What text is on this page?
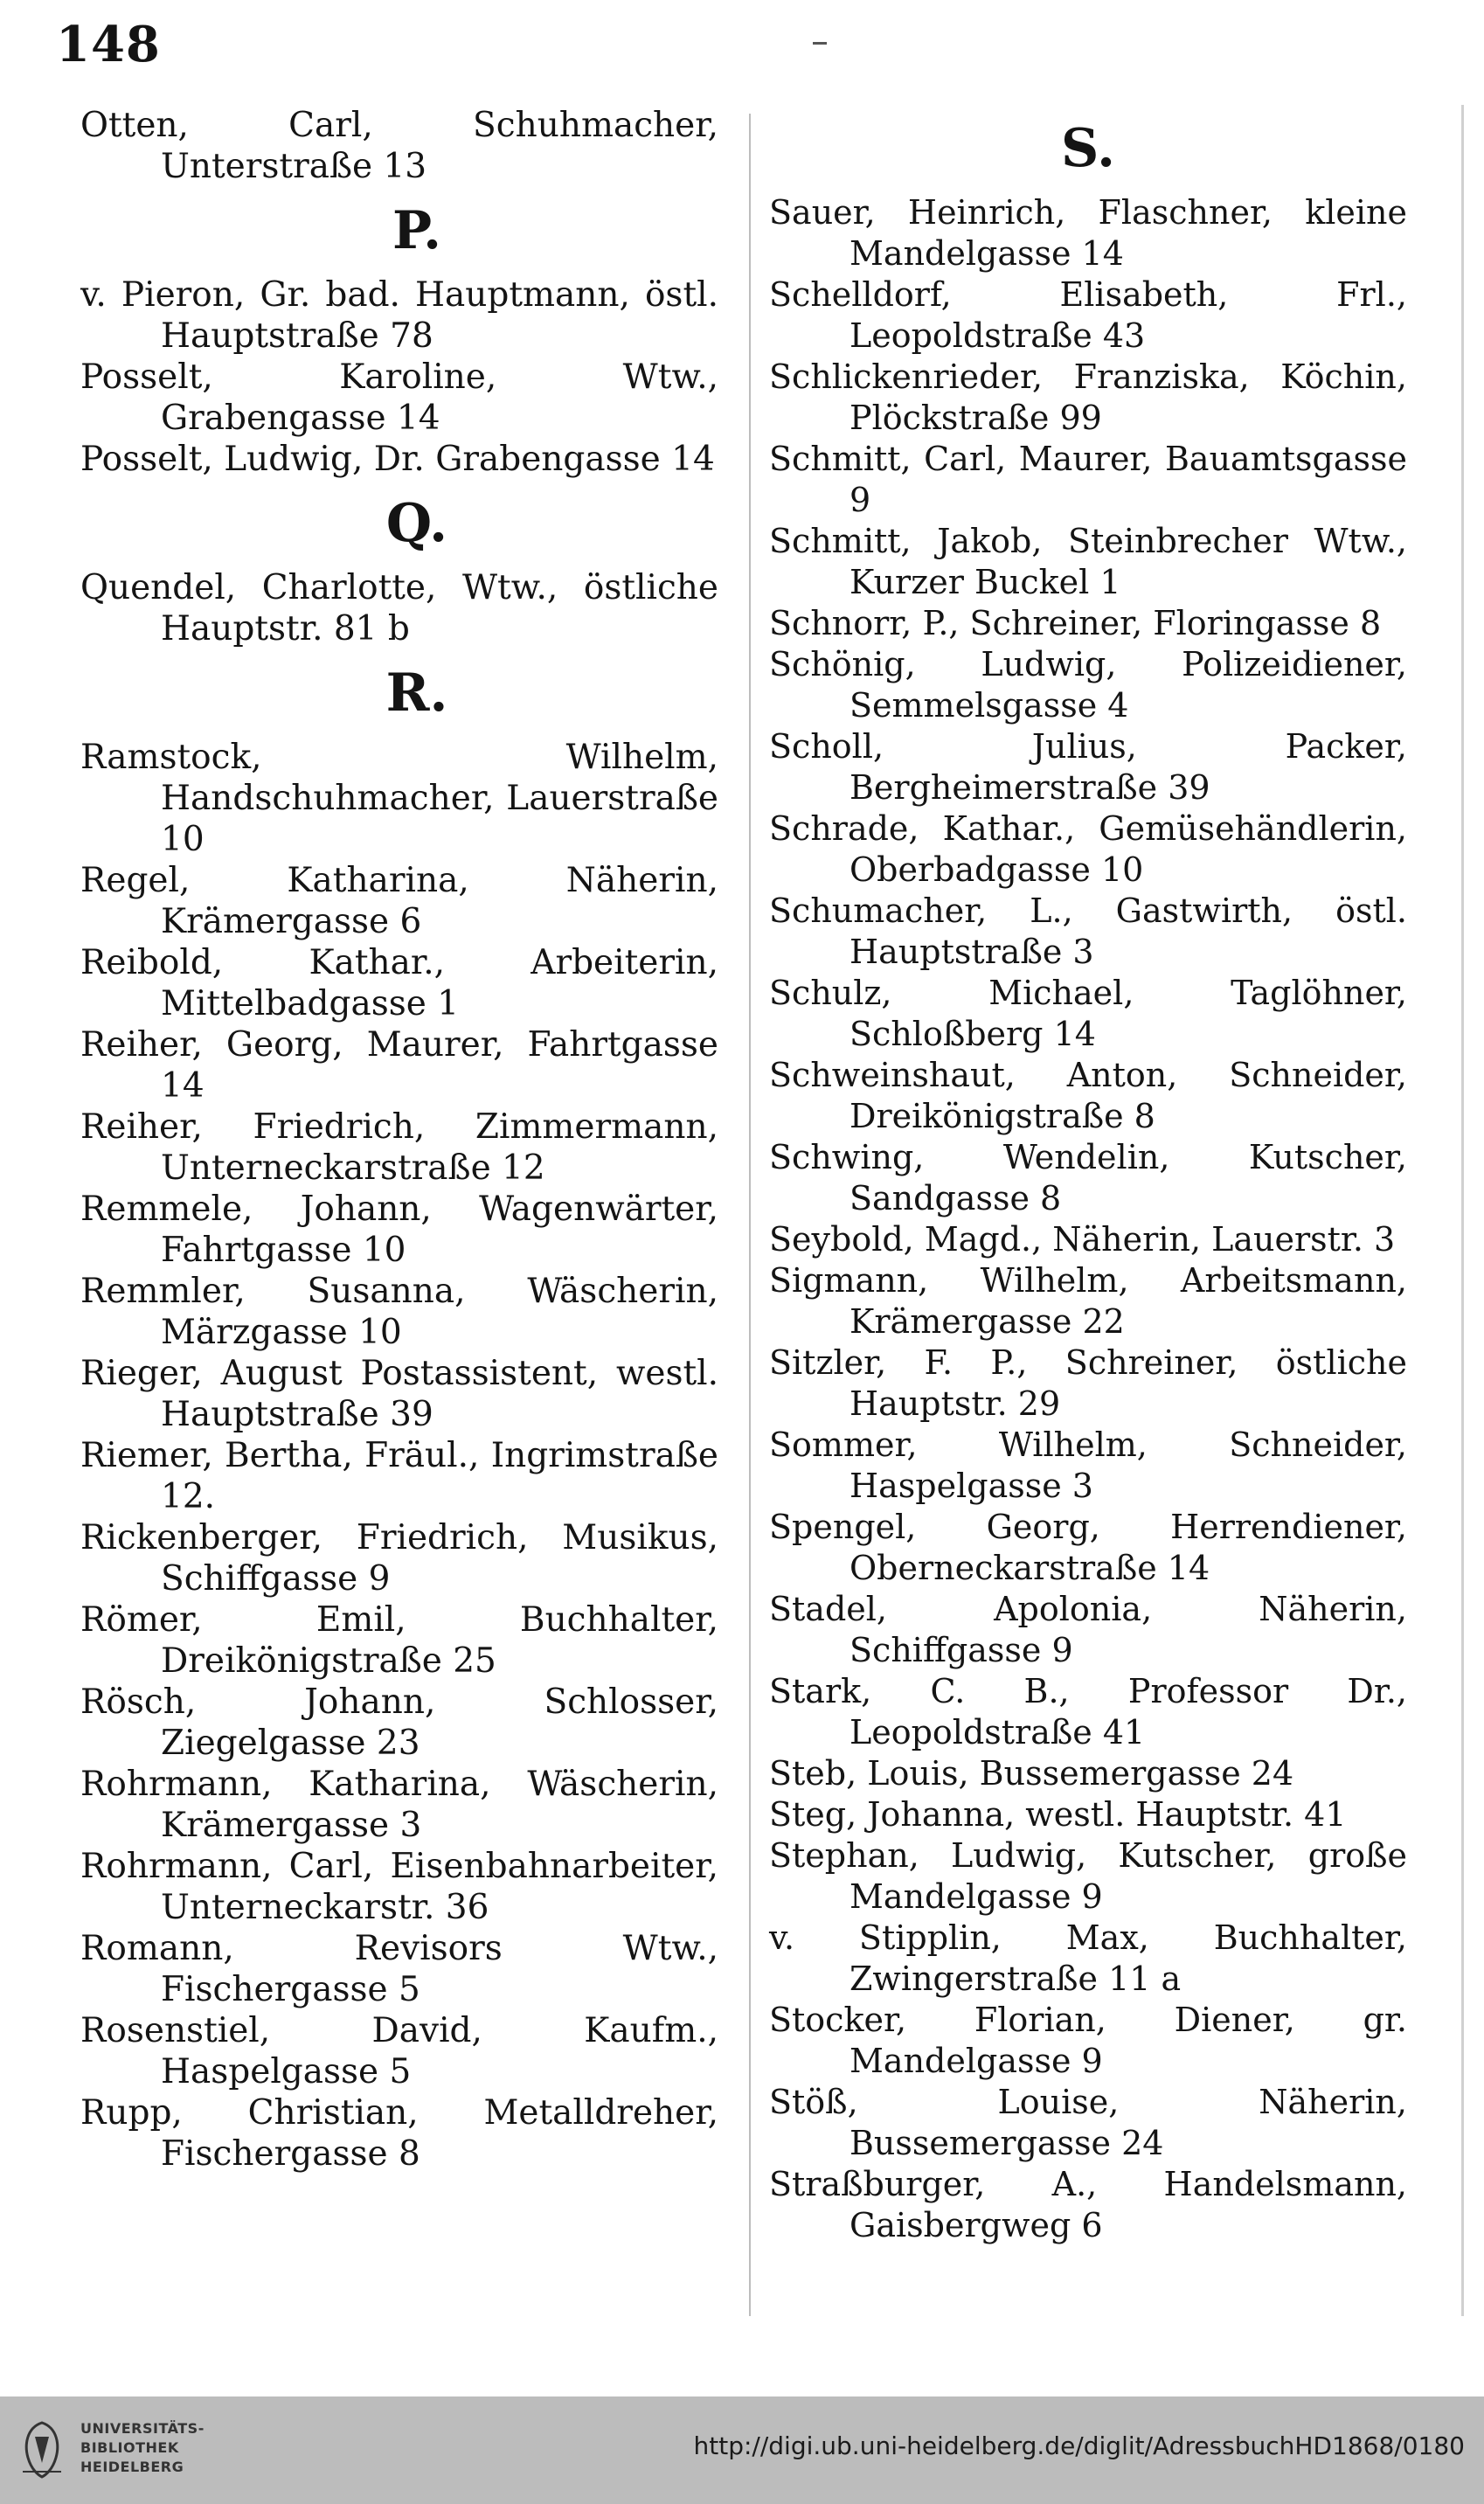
148
Otten, Carl, Schuhmacher, Unterstraße 13
P.
v. Pieron, Gr. bad. Hauptmann, östl. Hauptstraße 78
Posselt, Karoline, Wtw., Grabengasse 14
Posselt, Ludwig, Dr. Grabengasse 14
Q.
Quendel, Charlotte, Wtw., östliche Hauptstr. 81 b
R.
Ramstock, Wilhelm, Handschuhmacher, Lauerstraße 10
Regel, Katharina, Näherin, Krämergasse 6
Reibold, Kathar., Arbeiterin, Mittelbadgasse 1
Reiher, Georg, Maurer, Fahrtgasse 14
Reiher, Friedrich, Zimmermann, Unterneckarstraße 12
Remmele, Johann, Wagenwärter, Fahrtgasse 10
Remmler, Susanna, Wäscherin, Märzgasse 10
Rieger, August Postassistent, westl. Hauptstraße 39
Riemer, Bertha, Fräul., Ingrimstraße 12.
Rickenberger, Friedrich, Musikus, Schiffgasse 9
Römer, Emil, Buchhalter, Dreikönigstraße 25
Rösch, Johann, Schlosser, Ziegelgasse 23
Rohrmann, Katharina, Wäscherin, Krämergasse 3
Rohrmann, Carl, Eisenbahnarbeiter, Unterneckarstr. 36
Romann, Revisors Wtw., Fischergasse 5
Rosenstiel, David, Kaufm., Haspelgasse 5
Rupp, Christian, Metalldreher, Fischergasse 8
S.
Sauer, Heinrich, Flaschner, kleine Mandelgasse 14
Schelldorf, Elisabeth, Frl., Leopoldstraße 43
Schlickenrieder, Franziska, Köchin, Plöckstraße 99
Schmitt, Carl, Maurer, Bauamtsgasse 9
Schmitt, Jakob, Steinbrecher Wtw., Kurzer Buckel 1
Schnorr, P., Schreiner, Floringasse 8
Schönig, Ludwig, Polizeidiener, Semmelsgasse 4
Scholl, Julius, Packer, Bergheimerstraße 39
Schrade, Kathar., Gemüsehändlerin, Oberbadgasse 10
Schumacher, L., Gastwirth, östl. Hauptstraße 3
Schulz, Michael, Taglöhner, Schloßberg 14
Schweinshaut, Anton, Schneider, Dreikönigstraße 8
Schwing, Wendelin, Kutscher, Sandgasse 8
Seybold, Magd., Näherin, Lauerstr. 3
Sigmann, Wilhelm, Arbeitsmann, Krämergasse 22
Sitzler, F. P., Schreiner, östliche Hauptstr. 29
Sommer, Wilhelm, Schneider, Haspelgasse 3
Spengel, Georg, Herrendiener, Oberneckarstraße 14
Stadel, Apolonia, Näherin, Schiffgasse 9
Stark, C. B., Professor Dr., Leopoldstraße 41
Steb, Louis, Bussemergasse 24
Steg, Johanna, westl. Hauptstr. 41
Stephan, Ludwig, Kutscher, große Mandelgasse 9
v. Stipplin, Max, Buchhalter, Zwingerstraße 11 a
Stocker, Florian, Diener, gr. Mandelgasse 9
Stöß, Louise, Näherin, Bussemergasse 24
Straßburger, A., Handelsmann, Gaisbergweg 6
UNIVERSITÄTS-
BIBLIOTHEK
HEIDELBERG
http://digi.ub.uni-heidelberg.de/diglit/AdressbuchHD1868/0180
